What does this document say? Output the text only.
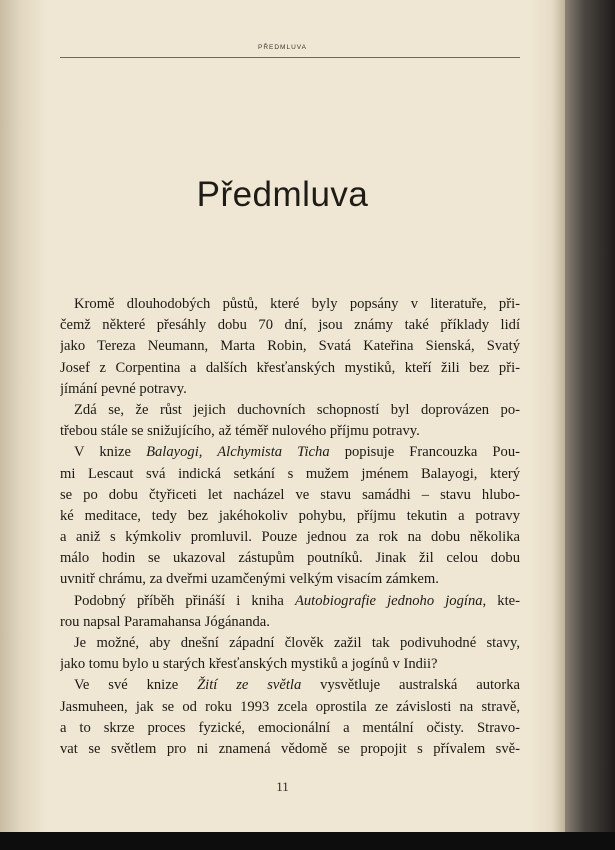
PŘEDMLUVA
Předmluva
Kromě dlouhodobých půstů, které byly popsány v literatuře, při-
čemž některé přesáhly dobu 70 dní, jsou známy také příklady lidí
jako Tereza Neumann, Marta Robin, Svatá Kateřina Sienská, Svatý
Josef z Corpentina a dalších křesťanských mystiků, kteří žili bez při-
jímání pevné potravy.
Zdá se, že růst jejich duchovních schopností byl doprovázen po-
třebou stále se snižujícího, až téměř nulového příjmu potravy.
V knize Balayogi, Alchymista Ticha popisuje Francouzka Pou-
mi Lescaut svá indická setkání s mužem jménem Balayogi, který
se po dobu čtyřiceti let nacházel ve stavu samádhi – stavu hlubo-
ké meditace, tedy bez jakéhokoliv pohybu, příjmu tekutin a potravy
a aniž s kýmkoliv promluvil. Pouze jednou za rok na dobu několika
málo hodin se ukazoval zástupům poutníků. Jinak žil celou dobu
uvnitř chrámu, za dveřmi uzamčenými velkým visacím zámkem.
Podobný příběh přináší i kniha Autobiografie jednoho jogína, kte-
rou napsal Paramahansa Jógánanda.
Je možné, aby dnešní západní člověk zažil tak podivuhodné stavy,
jako tomu bylo u starých křesťanských mystiků a jogínů v Indii?
Ve své knize Žití ze světla vysvětluje australská autorka
Jasmuheen, jak se od roku 1993 zcela oprostila ze závislosti na stravě,
a to skrze proces fyzické, emocionální a mentální očisty. Stravo-
vat se světlem pro ni znamená vědomě se propojit s přívalem svě-
11
